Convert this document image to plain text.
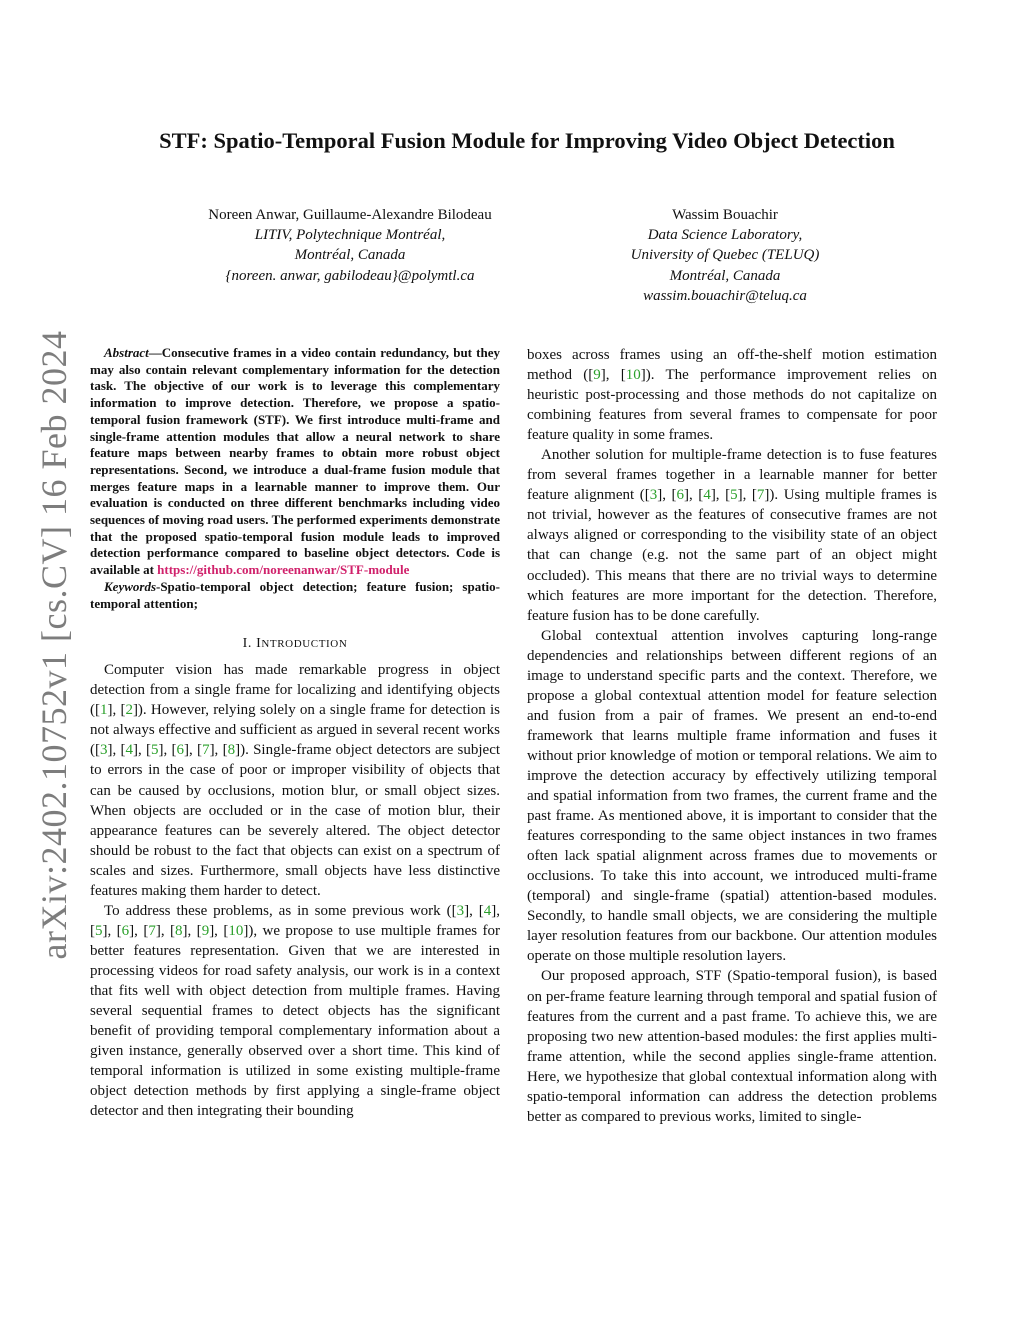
arXiv:2402.10752v1 [cs.CV] 16 Feb 2024
STF: Spatio-Temporal Fusion Module for Improving Video Object Detection
Noreen Anwar, Guillaume-Alexandre Bilodeau
LITIV, Polytechnique Montréal,
Montréal, Canada
{noreen. anwar, gabilodeau}@polymtl.ca
Wassim Bouachir
Data Science Laboratory,
University of Quebec (TELUQ)
Montréal, Canada
wassim.bouachir@teluq.ca

Abstract—Consecutive frames in a video contain redundancy, but they may also contain relevant complementary information for the detection task. The objective of our work is to leverage this complementary information to improve detection. Therefore, we propose a spatio-temporal fusion framework (STF). We first introduce multi-frame and single-frame attention modules that allow a neural network to share feature maps between nearby frames to obtain more robust object representations. Second, we introduce a dual-frame fusion module that merges feature maps in a learnable manner to improve them. Our evaluation is conducted on three different benchmarks including video sequences of moving road users. The performed experiments demonstrate that the proposed spatio-temporal fusion module leads to improved detection performance compared to baseline object detectors. Code is available at https://github.com/noreenanwar/STF-module

Keywords-Spatio-temporal object detection; feature fusion; spatio-temporal attention;

I. INTRODUCTION

Computer vision has made remarkable progress in object detection from a single frame for localizing and identifying objects ([1], [2]). However, relying solely on a single frame for detection is not always effective and sufficient as argued in several recent works ([3], [4], [5], [6], [7], [8]). Single-frame object detectors are subject to errors in the case of poor or improper visibility of objects that can be caused by occlusions, motion blur, or small object sizes. When objects are occluded or in the case of motion blur, their appearance features can be severely altered. The object detector should be robust to the fact that objects can exist on a spectrum of scales and sizes. Furthermore, small objects have less distinctive features making them harder to detect.

To address these problems, as in some previous work ([3], [4], [5], [6], [7], [8], [9], [10]), we propose to use multiple frames for better features representation. Given that we are interested in processing videos for road safety analysis, our work is in a context that fits well with object detection from multiple frames. Having several sequential frames to detect objects has the significant benefit of providing temporal complementary information about a given instance, generally observed over a short time. This kind of temporal information is utilized in some existing multiple-frame object detection methods by first applying a single-frame object detector and then integrating their bounding

boxes across frames using an off-the-shelf motion estimation method ([9], [10]). The performance improvement relies on heuristic post-processing and those methods do not capitalize on combining features from several frames to compensate for poor feature quality in some frames.

Another solution for multiple-frame detection is to fuse features from several frames together in a learnable manner for better feature alignment ([3], [6], [4], [5], [7]). Using multiple frames is not trivial, however as the features of consecutive frames are not always aligned or corresponding to the visibility state of an object that can change (e.g. not the same part of an object might occluded). This means that there are no trivial ways to determine which features are more important for the detection. Therefore, feature fusion has to be done carefully.

Global contextual attention involves capturing long-range dependencies and relationships between different regions of an image to understand specific parts and the context. Therefore, we propose a global contextual attention model for feature selection and fusion from a pair of frames. We present an end-to-end framework that learns multiple frame information and fuses it without prior knowledge of motion or temporal relations. We aim to improve the detection accuracy by effectively utilizing temporal and spatial information from two frames, the current frame and the past frame. As mentioned above, it is important to consider that the features corresponding to the same object instances in two frames often lack spatial alignment across frames due to movements or occlusions. To take this into account, we introduced multi-frame (temporal) and single-frame (spatial) attention-based modules. Secondly, to handle small objects, we are considering the multiple layer resolution features from our backbone. Our attention modules operate on those multiple resolution layers.

Our proposed approach, STF (Spatio-temporal fusion), is based on per-frame feature learning through temporal and spatial fusion of features from the current and a past frame. To achieve this, we are proposing two new attention-based modules: the first applies multi-frame attention, while the second applies single-frame attention. Here, we hypothesize that global contextual information along with spatio-temporal information can address the detection problems better as compared to previous works, limited to single-
